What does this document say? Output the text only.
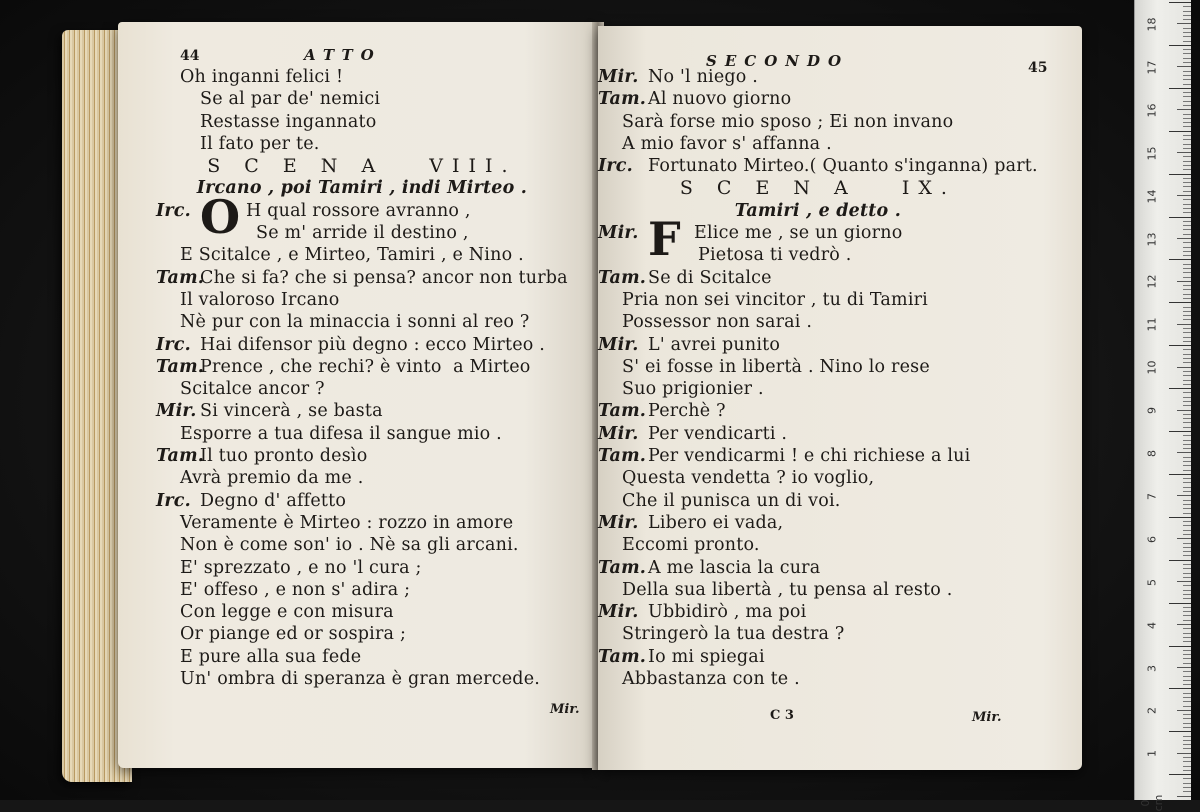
44	ATTO
Oh inganni felici !
Se al par de' nemici
Restasse ingannato
Il fato per te.
S C E N A   VIII.
Ircano , poi Tamiri , indi Mirteo .
Irc. O H qual rossore avranno ,
Se m' arride il destino ,
E Scitalce , e Mirteo, Tamiri , e Nino .
Tam.Che si fa? che si pensa? ancor non turba
Il valoroso Ircano
Nè pur con la minaccia i sonni al reo ?
Irc. Hai difensor più degno : ecco Mirteo .
Tam.Prence , che rechi? è vinto  a Mirteo
Scitalce ancor ?
Mir. Si vincerà , se basta
Esporre a tua difesa il sangue mio .
Tam.Il tuo pronto desìo
Avrà premio da me .
Irc. Degno d' affetto
Veramente è Mirteo : rozzo in amore
Non è come son' io . Nè sa gli arcani.
E' sprezzato , e no 'l cura ;
E' offeso , e non s' adira ;
Con legge e con misura
Or piange ed or sospira ;
E pure alla sua fede
Un' ombra di speranza è gran mercede.
Mir.
SECONDO	45
Mir. No 'l niego .
Tam. Al nuovo giorno
Sarà forse mio sposo ; Ei non invano
A mio favor s' affanna .
Irc. Fortunato Mirteo.( Quanto s'inganna) part.
S C E N A   IX.
Tamiri , e detto .
Mir. F Elice me , se un giorno
Pietosa ti vedrò .
Tam. Se di Scitalce
Pria non sei vincitor , tu di Tamiri
Possessor non sarai .
Mir. L' avrei punito
S' ei fosse in libertà . Nino lo rese
Suo prigionier .
Tam. Perchè ?
Mir. Per vendicarti .
Tam. Per vendicarmi ! e chi richiese a lui
Questa vendetta ? io voglio,
Che il punisca un di voi.
Mir. Libero ei vada,
Eccomi pronto.
Tam. A me lascia la cura
Della sua libertà , tu pensa al resto .
Mir. Ubbidirò , ma poi
Stringerò la tua destra ?
Tam. Io mi spiegai
Abbastanza con te .
C 3	Mir.
18
17
16
15
14
13
12
11
10
9
8
7
6
5
4
3
2
1
0 cm
